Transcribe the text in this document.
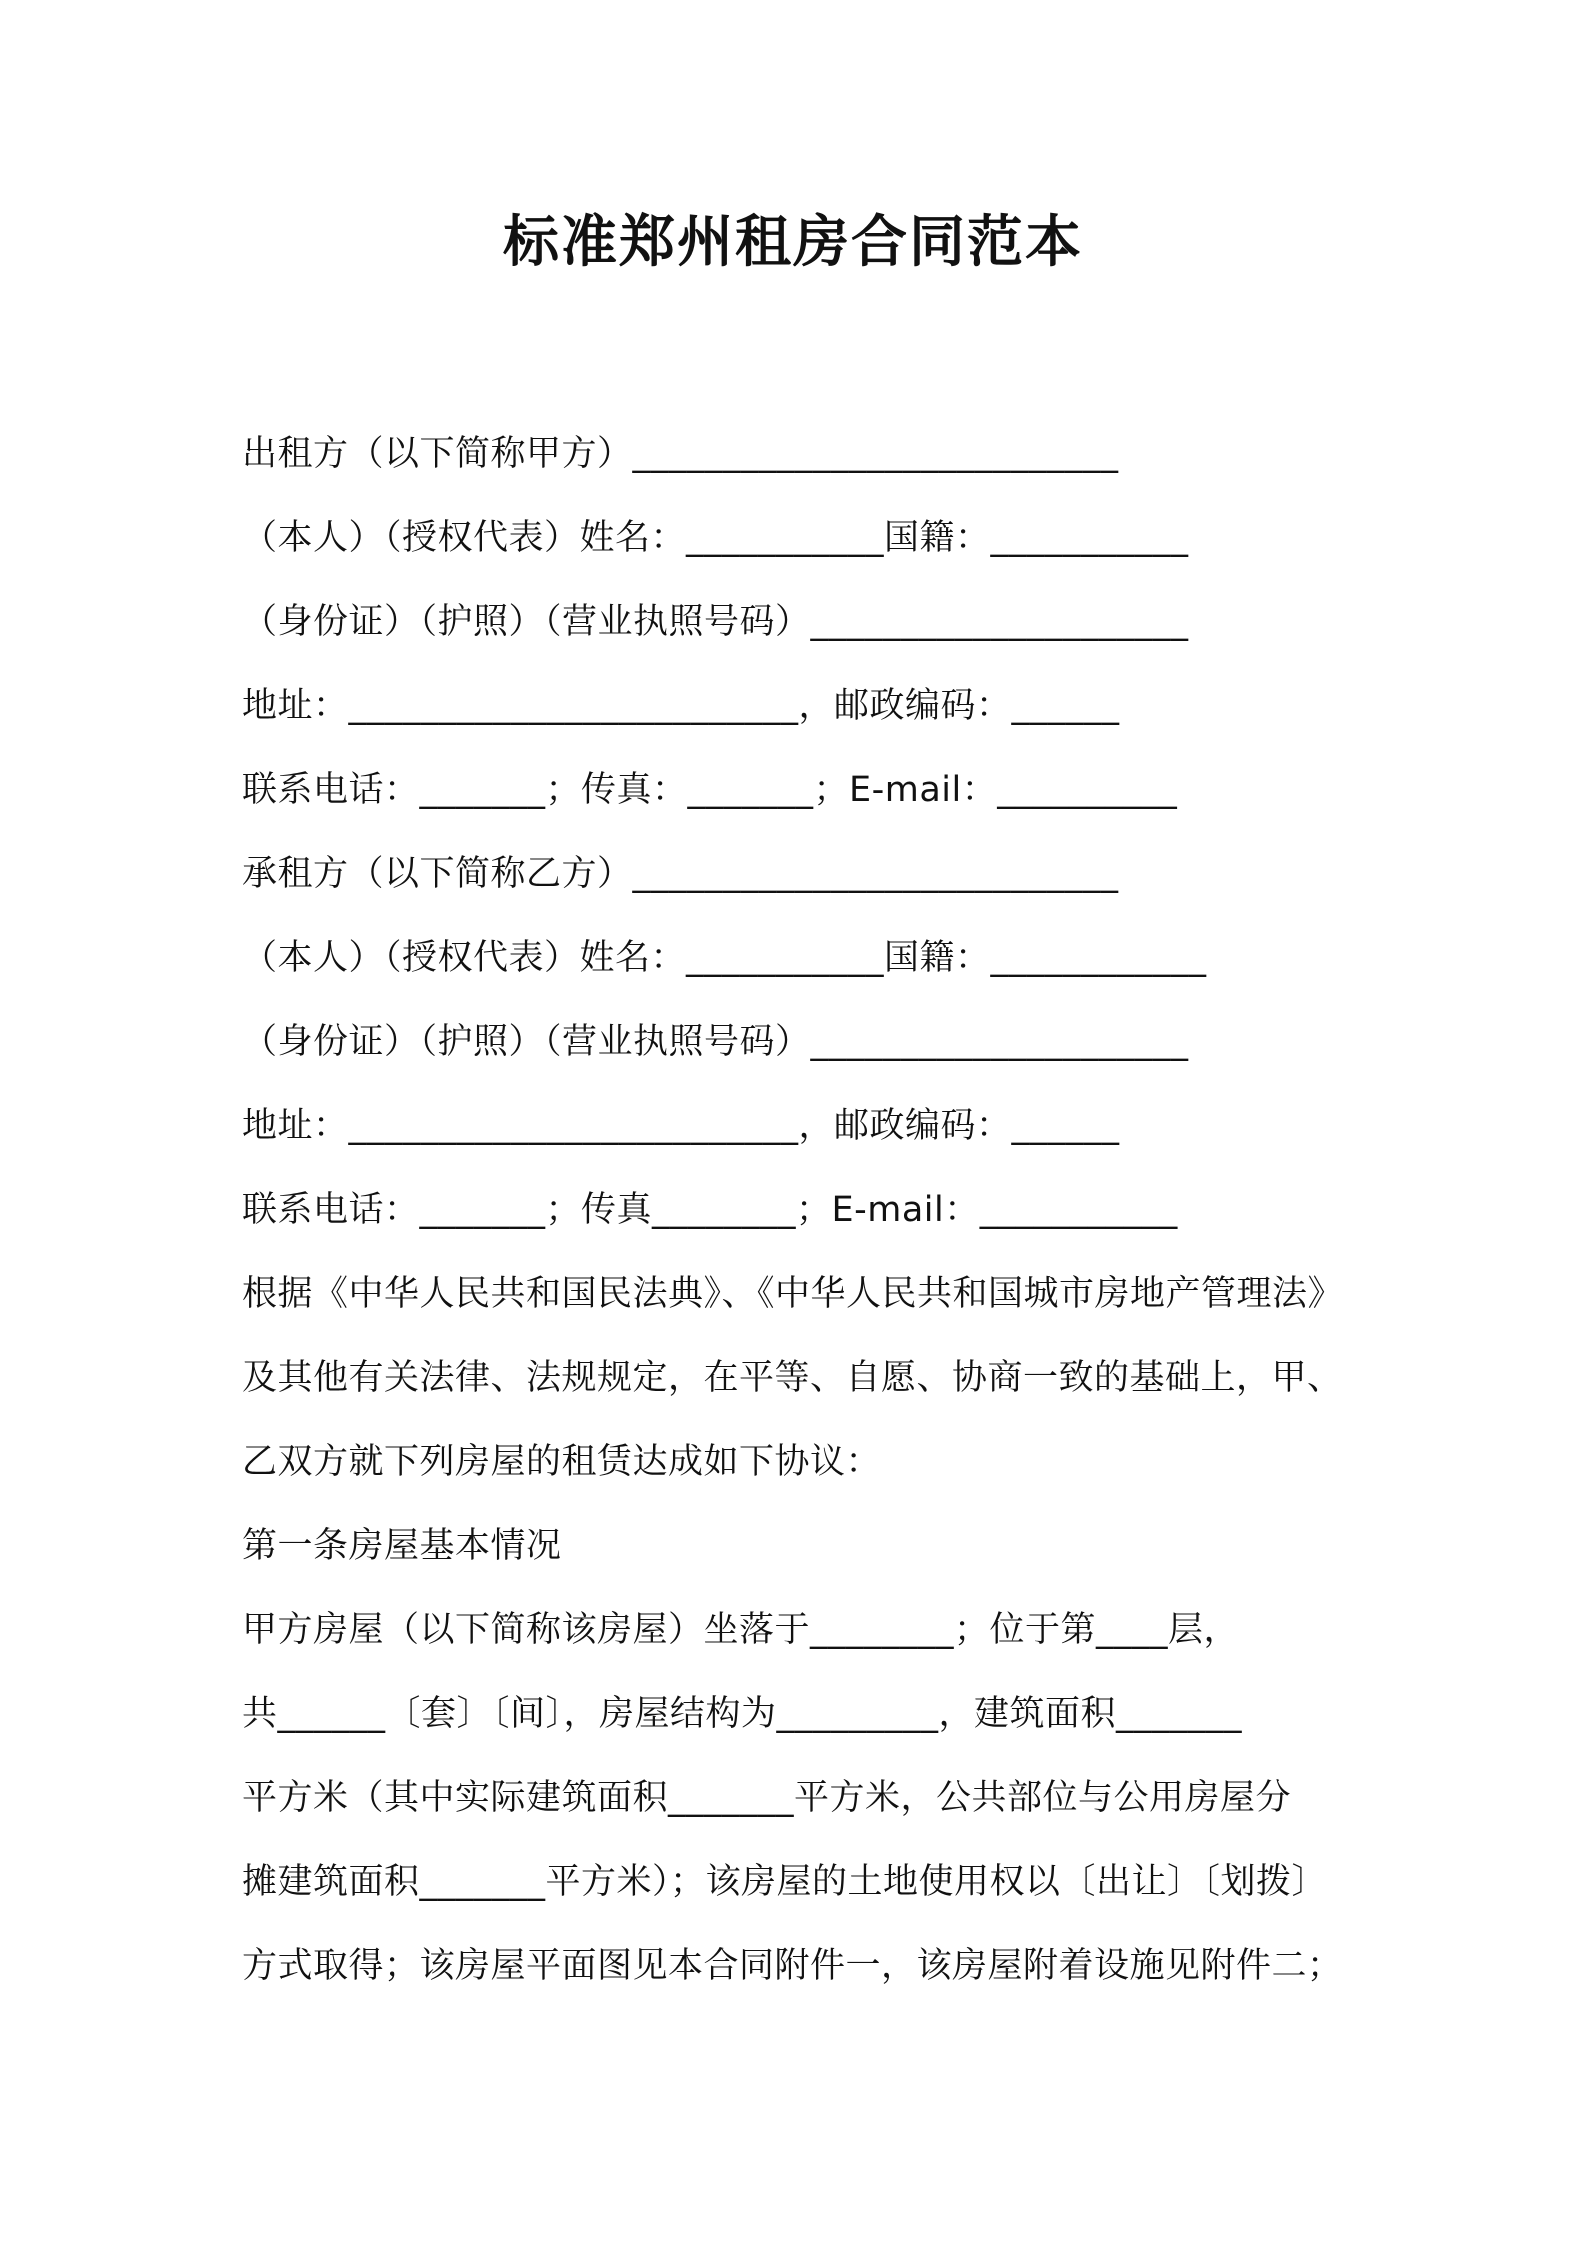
标准郑州租房合同范本
出租方（以下简称甲方）___________________________
（本人）（授权代表）姓名：___________国籍：___________
（身份证）（护照）（营业执照号码）_____________________
地址：_________________________，邮政编码：______
联系电话：_______；传真：_______；E-mail：__________
承租方（以下简称乙方）___________________________
（本人）（授权代表）姓名：___________国籍：____________
（身份证）（护照）（营业执照号码）_____________________
地址：_________________________，邮政编码：______
联系电话：_______；传真________；E-mail：___________
根据《中华人民共和国民法典》、《中华人民共和国城市房地产管理法》
及其他有关法律、法规规定，在平等、自愿、协商一致的基础上，甲、
乙双方就下列房屋的租赁达成如下协议：
第一条房屋基本情况
甲方房屋（以下简称该房屋）坐落于________；位于第____层，
共______〔套〕〔间〕，房屋结构为_________，建筑面积_______
平方米（其中实际建筑面积_______平方米，公共部位与公用房屋分
摊建筑面积_______平方米）；该房屋的土地使用权以〔出让〕〔划拨〕
方式取得；该房屋平面图见本合同附件一，该房屋附着设施见附件二；
